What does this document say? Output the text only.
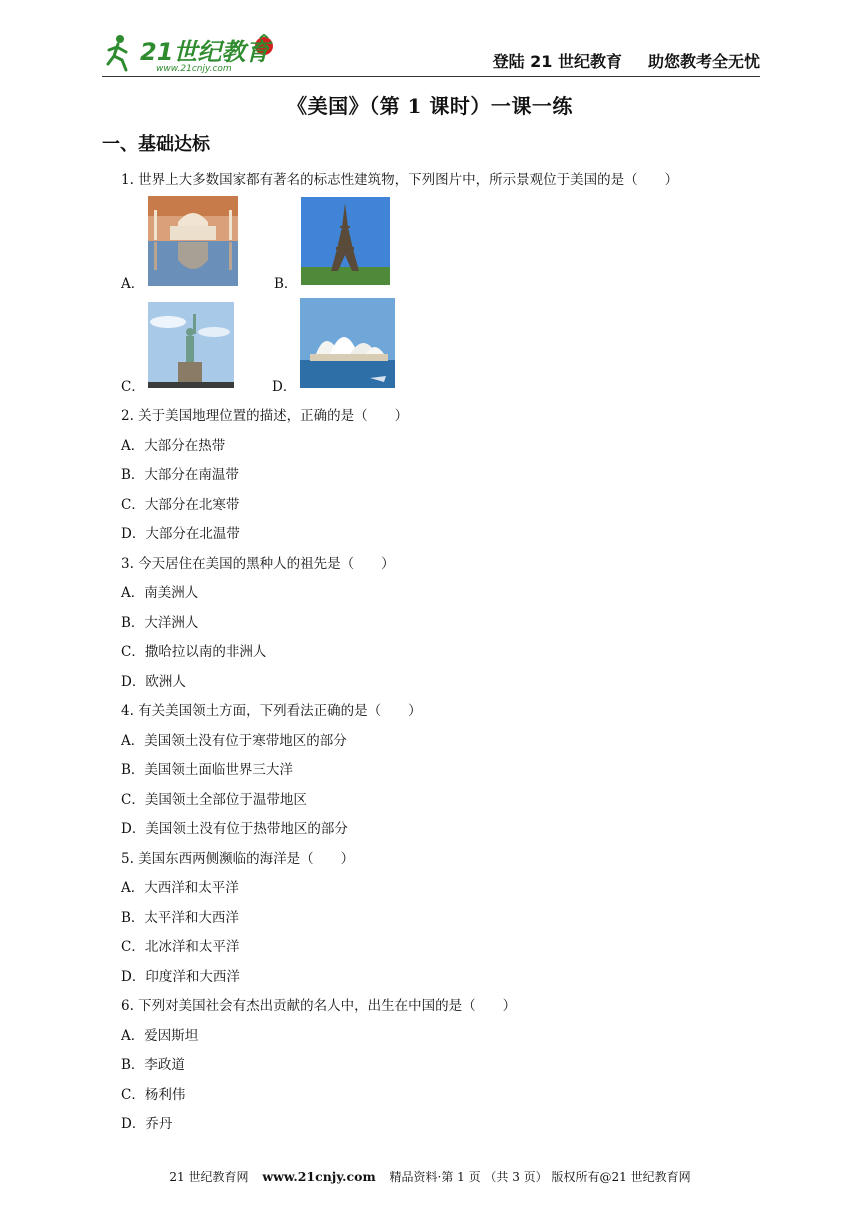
21世纪教育
www.21cnjy.com	登陆 21 世纪教育 助您教考全无忧
《美国》（第 1 课时）一课一练
一、基础达标
1. 世界上大多数国家都有著名的标志性建筑物，下列图片中，所示景观位于美国的是（　　）
A．	B．
C．	D．
2. 关于美国地理位置的描述，正确的是（　　）
A．大部分在热带
B．大部分在南温带
C．大部分在北寒带
D．大部分在北温带
3. 今天居住在美国的黑种人的祖先是（　　）
A．南美洲人
B．大洋洲人
C．撒哈拉以南的非洲人
D．欧洲人
4. 有关美国领土方面，下列看法正确的是（　　）
A．美国领土没有位于寒带地区的部分
B．美国领土面临世界三大洋
C．美国领土全部位于温带地区
D．美国领土没有位于热带地区的部分
5. 美国东西两侧濒临的海洋是（　　）
A．大西洋和太平洋
B．太平洋和大西洋
C．北冰洋和太平洋
D．印度洋和大西洋
6. 下列对美国社会有杰出贡献的名人中，出生在中国的是（　　）
A．爱因斯坦
B．李政道
C．杨利伟
D．乔丹
21 世纪教育网 www.21cnjy.com 精品资料·第 1 页 （共 3 页） 版权所有@21 世纪教育网
